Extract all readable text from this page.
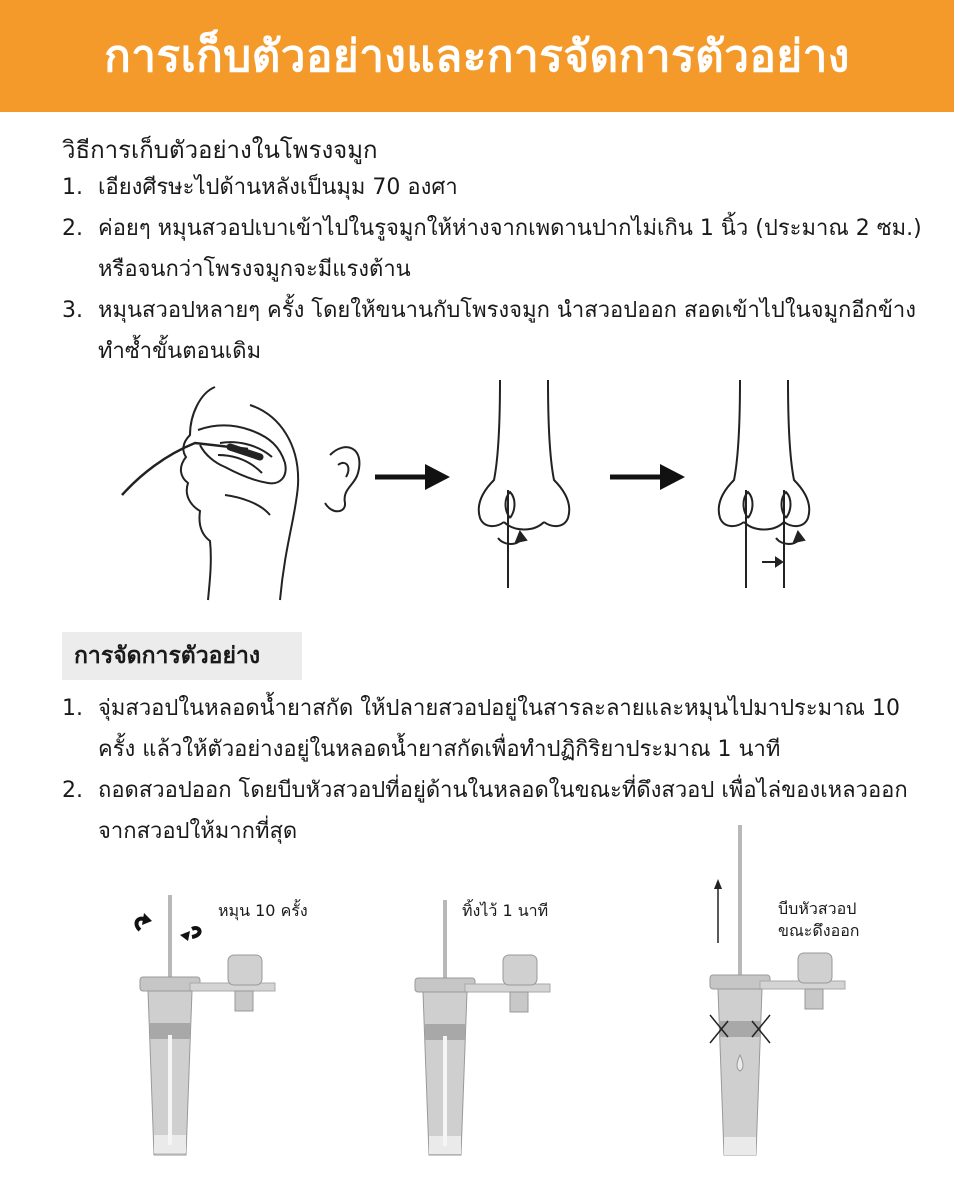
การเก็บตัวอย่างและการจัดการตัวอย่าง
วิธีการเก็บตัวอย่างในโพรงจมูก
1. เอียงศีรษะไปด้านหลังเป็นมุม 70 องศา
2. ค่อยๆ หมุนสวอปเบาเข้าไปในรูจมูกให้ห่างจากเพดานปากไม่เกิน 1 นิ้ว (ประมาณ 2 ซม.) หรือจนกว่าโพรงจมูกจะมีแรงต้าน
3. หมุนสวอปหลายๆ ครั้ง โดยให้ขนานกับโพรงจมูก นำสวอปออก สอดเข้าไปในจมูกอีกข้าง ทำซ้ำขั้นตอนเดิม
การจัดการตัวอย่าง
1. จุ่มสวอปในหลอดน้ำยาสกัด ให้ปลายสวอปอยู่ในสารละลายและหมุนไปมาประมาณ 10 ครั้ง แล้วให้ตัวอย่างอยู่ในหลอดน้ำยาสกัดเพื่อทำปฏิกิริยาประมาณ 1 นาที
2. ถอดสวอปออก โดยบีบหัวสวอปที่อยู่ด้านในหลอดในขณะที่ดึงสวอป เพื่อไล่ของเหลวออกจากสวอปให้มากที่สุด
หมุน 10 ครั้ง	ทิ้งไว้ 1 นาที	บีบหัวสวอป ขณะดึงออก
